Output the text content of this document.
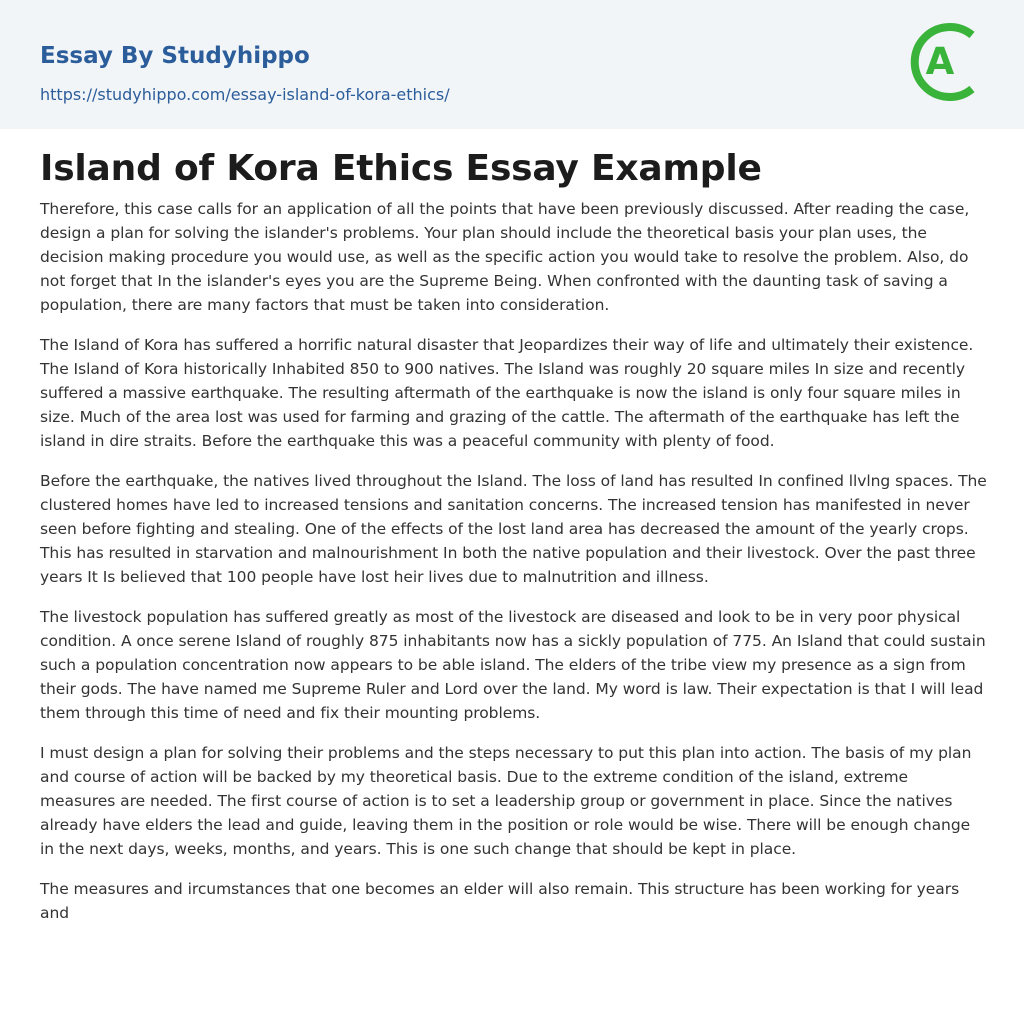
Essay By Studyhippo
https://studyhippo.com/essay-island-of-kora-ethics/
A
Island of Kora Ethics Essay Example

Therefore, this case calls for an application of all the points that have been previously discussed. After reading the case, design a plan for solving the islander's problems. Your plan should include the theoretical basis your plan uses, the decision making procedure you would use, as well as the specific action you would take to resolve the problem. Also, do not forget that In the islander's eyes you are the Supreme Being. When confronted with the daunting task of saving a population, there are many factors that must be taken into consideration.

The Island of Kora has suffered a horrific natural disaster that Jeopardizes their way of life and ultimately their existence. The Island of Kora historically Inhabited 850 to 900 natives. The Island was roughly 20 square miles In size and recently suffered a massive earthquake. The resulting aftermath of the earthquake is now the island is only four square miles in size. Much of the area lost was used for farming and grazing of the cattle. The aftermath of the earthquake has left the island in dire straits. Before the earthquake this was a peaceful community with plenty of food.

Before the earthquake, the natives lived throughout the Island. The loss of land has resulted In confined llvlng spaces. The clustered homes have led to increased tensions and sanitation concerns. The increased tension has manifested in never seen before fighting and stealing. One of the effects of the lost land area has decreased the amount of the yearly crops. This has resulted in starvation and malnourishment In both the native population and their livestock. Over the past three years It Is believed that 100 people have lost heir lives due to malnutrition and illness.

The livestock population has suffered greatly as most of the livestock are diseased and look to be in very poor physical condition. A once serene Island of roughly 875 inhabitants now has a sickly population of 775. An Island that could sustain such a population concentration now appears to be able island. The elders of the tribe view my presence as a sign from their gods. The have named me Supreme Ruler and Lord over the land. My word is law. Their expectation is that I will lead them through this time of need and fix their mounting problems.

I must design a plan for solving their problems and the steps necessary to put this plan into action. The basis of my plan and course of action will be backed by my theoretical basis. Due to the extreme condition of the island, extreme measures are needed. The first course of action is to set a leadership group or government in place. Since the natives already have elders the lead and guide, leaving them in the position or role would be wise. There will be enough change in the next days, weeks, months, and years. This is one such change that should be kept in place.

The measures and ircumstances that one becomes an elder will also remain. This structure has been working for years and
